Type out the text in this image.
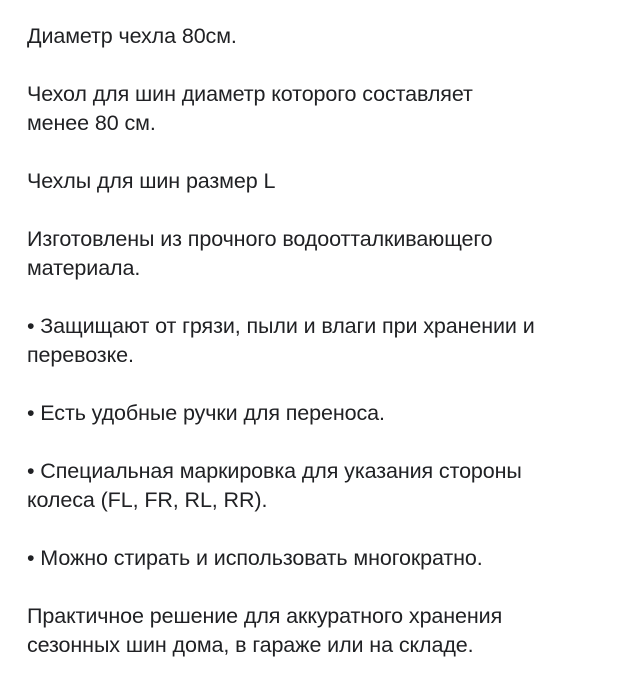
Диаметр чехла 80см.

Чехол для шин диаметр которого составляет
менее 80 см.

Чехлы для шин размер L

Изготовлены из прочного водоотталкивающего
материала.

• Защищают от грязи, пыли и влаги при хранении и
перевозке.

• Есть удобные ручки для переноса.

• Специальная маркировка для указания стороны
колеса (FL, FR, RL, RR).

• Можно стирать и использовать многократно.

Практичное решение для аккуратного хранения
сезонных шин дома, в гараже или на складе.
